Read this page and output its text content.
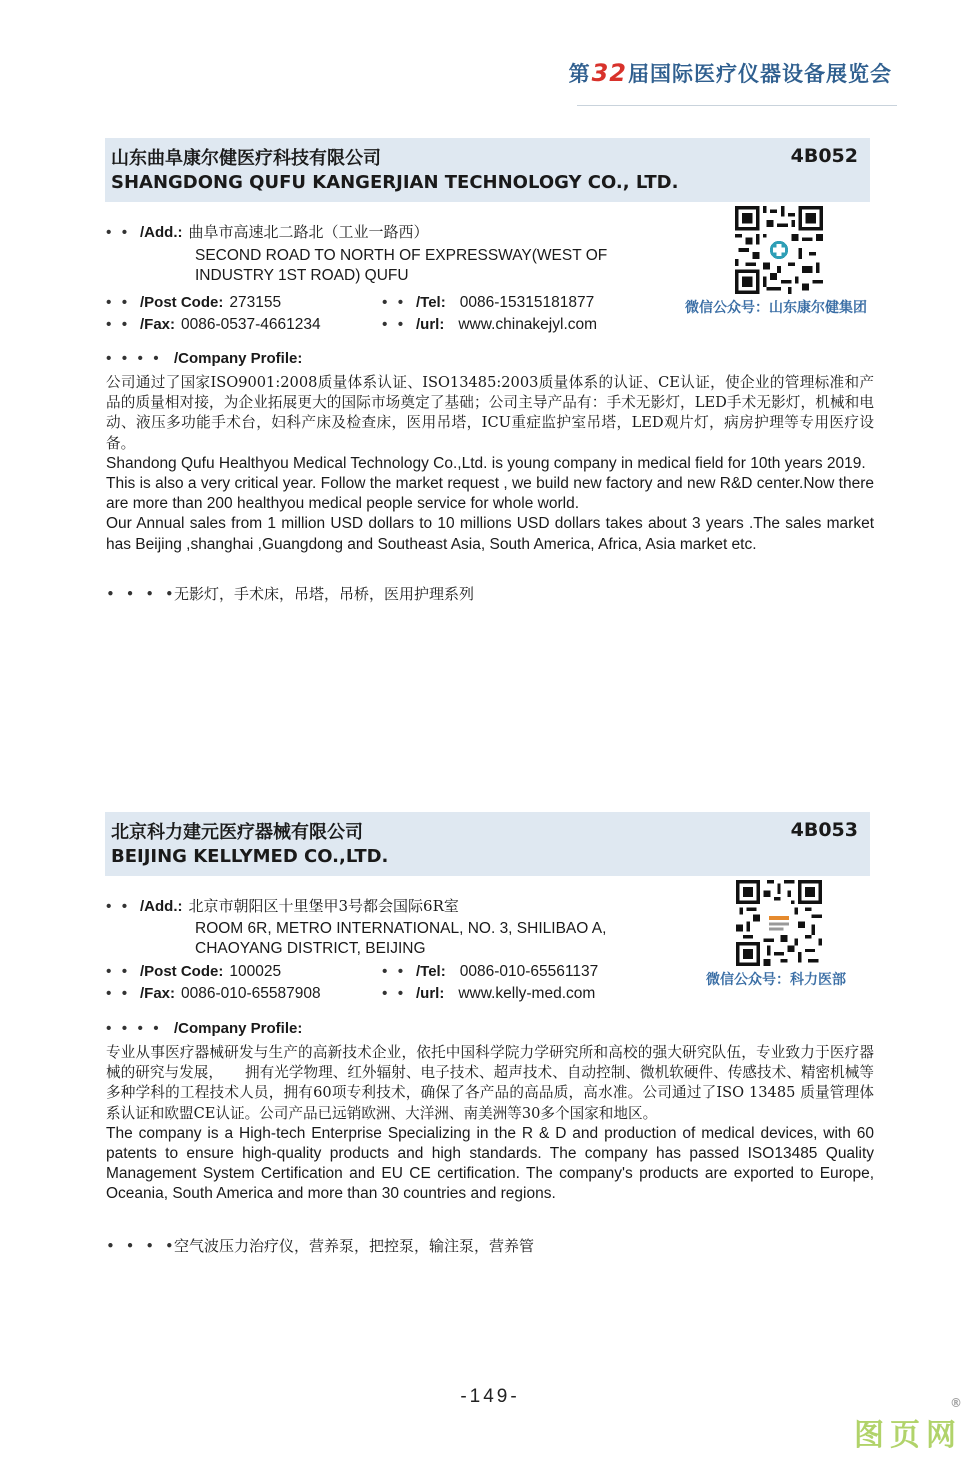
第32届国际医疗仪器设备展览会
山东曲阜康尔健医疗科技有限公司
SHANGDONG QUFU KANGERJIAN TECHNOLOGY CO., LTD.
4B052
• • /Add.: 曲阜市高速北二路北（工业一路西）
SECOND ROAD TO NORTH OF EXPRESSWAY(WEST OF
INDUSTRY 1ST ROAD) QUFU
• • /Post Code: 273155	• • /Tel: 0086-15315181877
• • /Fax: 0086-0537-4661234	• • /url: www.chinakejyl.com
微信公众号：山东康尔健集团
• • • • /Company Profile:

公司通过了国家ISO9001:2008质量体系认证、ISO13485:2003质量体系的认证、CE认证，使企业的管理标准和产品的质量相对接，为企业拓展更大的国际市场奠定了基础；公司主导产品有：手术无影灯，LED手术无影灯，机械和电动、液压多功能手术台，妇科产床及检查床，医用吊塔，ICU重症监护室吊塔，LED观片灯，病房护理等专用医疗设备。

Shandong Qufu Healthyou Medical Technology Co.,Ltd. is young company in medical field for 10th years 2019.

This is also a very critical year. Follow the market request , we build new factory and new R&D center.Now there are more than 200 healthyou medical people service for whole world.

Our Annual sales from 1 million USD dollars to 10 millions USD dollars takes about 3 years .The sales market has Beijing ,shanghai ,Guangdong and Southeast Asia, South America, Africa, Asia market etc.

• • • •无影灯，手术床，吊塔，吊桥，医用护理系列
北京科力建元医疗器械有限公司
BEIJING KELLYMED CO.,LTD.
4B053
• • /Add.: 北京市朝阳区十里堡甲3号都会国际6R室
ROOM 6R, METRO INTERNATIONAL, NO. 3, SHILIBAO A,
CHAOYANG DISTRICT, BEIJING
• • /Post Code: 100025	• • /Tel: 0086-010-65561137
• • /Fax: 0086-010-65587908	• • /url: www.kelly-med.com
微信公众号：科力医部
• • • • /Company Profile:

专业从事医疗器械研发与生产的高新技术企业，依托中国科学院力学研究所和高校的强大研究队伍，专业致力于医疗器械的研究与发展，　　拥有光学物理、红外辐射、电子技术、超声技术、自动控制、微机软硬件、传感技术、精密机械等多种学科的工程技术人员，拥有60项专利技术，确保了各产品的高品质，高水准。公司通过了ISO 13485 质量管理体系认证和欧盟CE认证。公司产品已远销欧洲、大洋洲、南美洲等30多个国家和地区。

The company is a High-tech Enterprise Specializing in the R & D and production of medical devices, with 60 patents to ensure high-quality products and high standards. The company has passed ISO13485 Quality Management System Certification and EU CE certification. The company's products are exported to Europe, Oceania, South America and more than 30 countries and regions.

• • • •空气波压力治疗仪，营养泵，把控泵，输注泵，营养管
-149-
图页网
®
